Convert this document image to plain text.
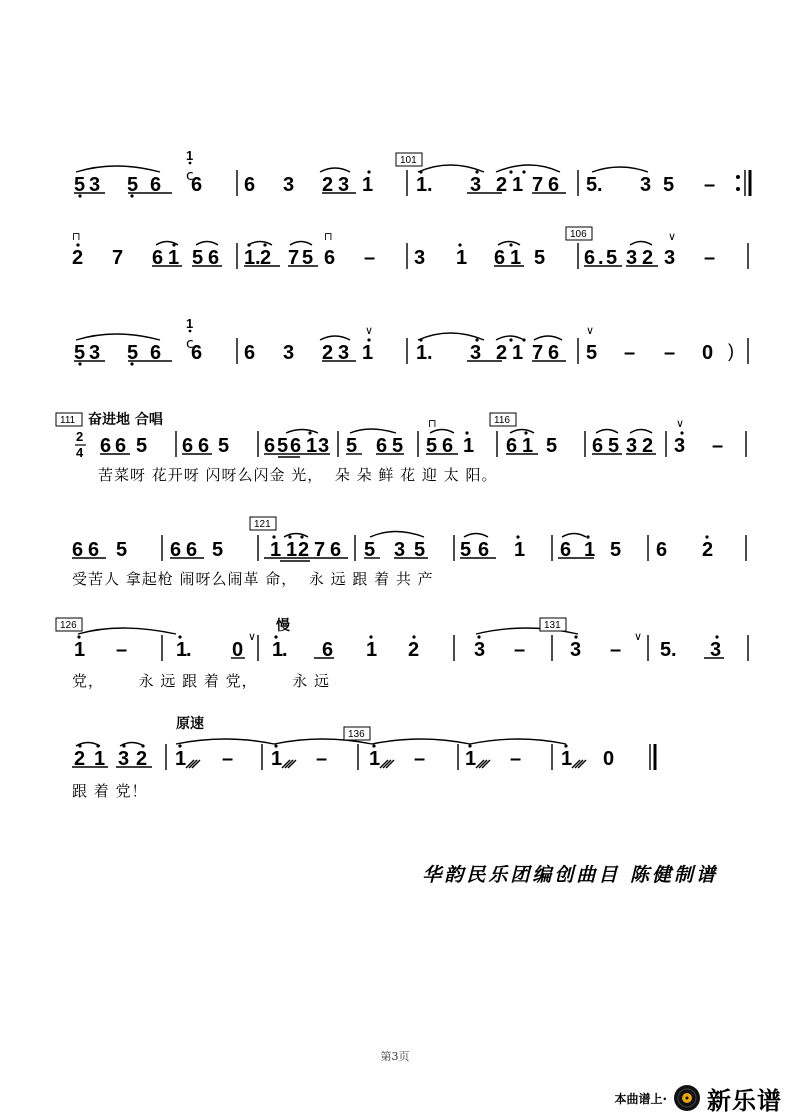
5 3 5 6 6 6 3 2 3 1 1 . 3 2 1 7 6 5 . 3 5 –
1
2 7 6 1 5 6 1 . 2 7 5 6 – 3 1 6 1 5 6 . 5 3 2 3 –
5 3 5 6 6 6 3 2 3 1 1 . 3 2 1 7 6 5 – – 0 )
1
6 6 5 6 6 5 6 5 6 1 3 5 6 5 5 6 1 6 1 5 6 5 3 2 3 –
6 6 5 6 6 5 1 1 2 7 6 5 3 5 5 6 1 6 1 5 6 2
1 – 1
. 0 1
. 6 1 2	3 – 3 – 5 . 3
2 1 3 2 1 – 1 – 1 – 1 – 1 0
⊓	⊓	∨
∨	∨
⊓	∨
∨	∨
ⅽ
ⅽ
101
106
111	116
121
126	131
136
奋进地 合唱
2
4
慢
原速
苦菜呀 花开呀 闪呀么闪金 光，  朵 朵 鲜 花 迎 太 阳。
受苦人 拿起枪 闹呀么闹革 命，  永 远 跟 着 共 产
党，      永 远 跟 着 党，      永 远
跟 着 党！
华韵民乐团编创曲目 陈健制谱
第3页
本曲谱上· 新乐谱
